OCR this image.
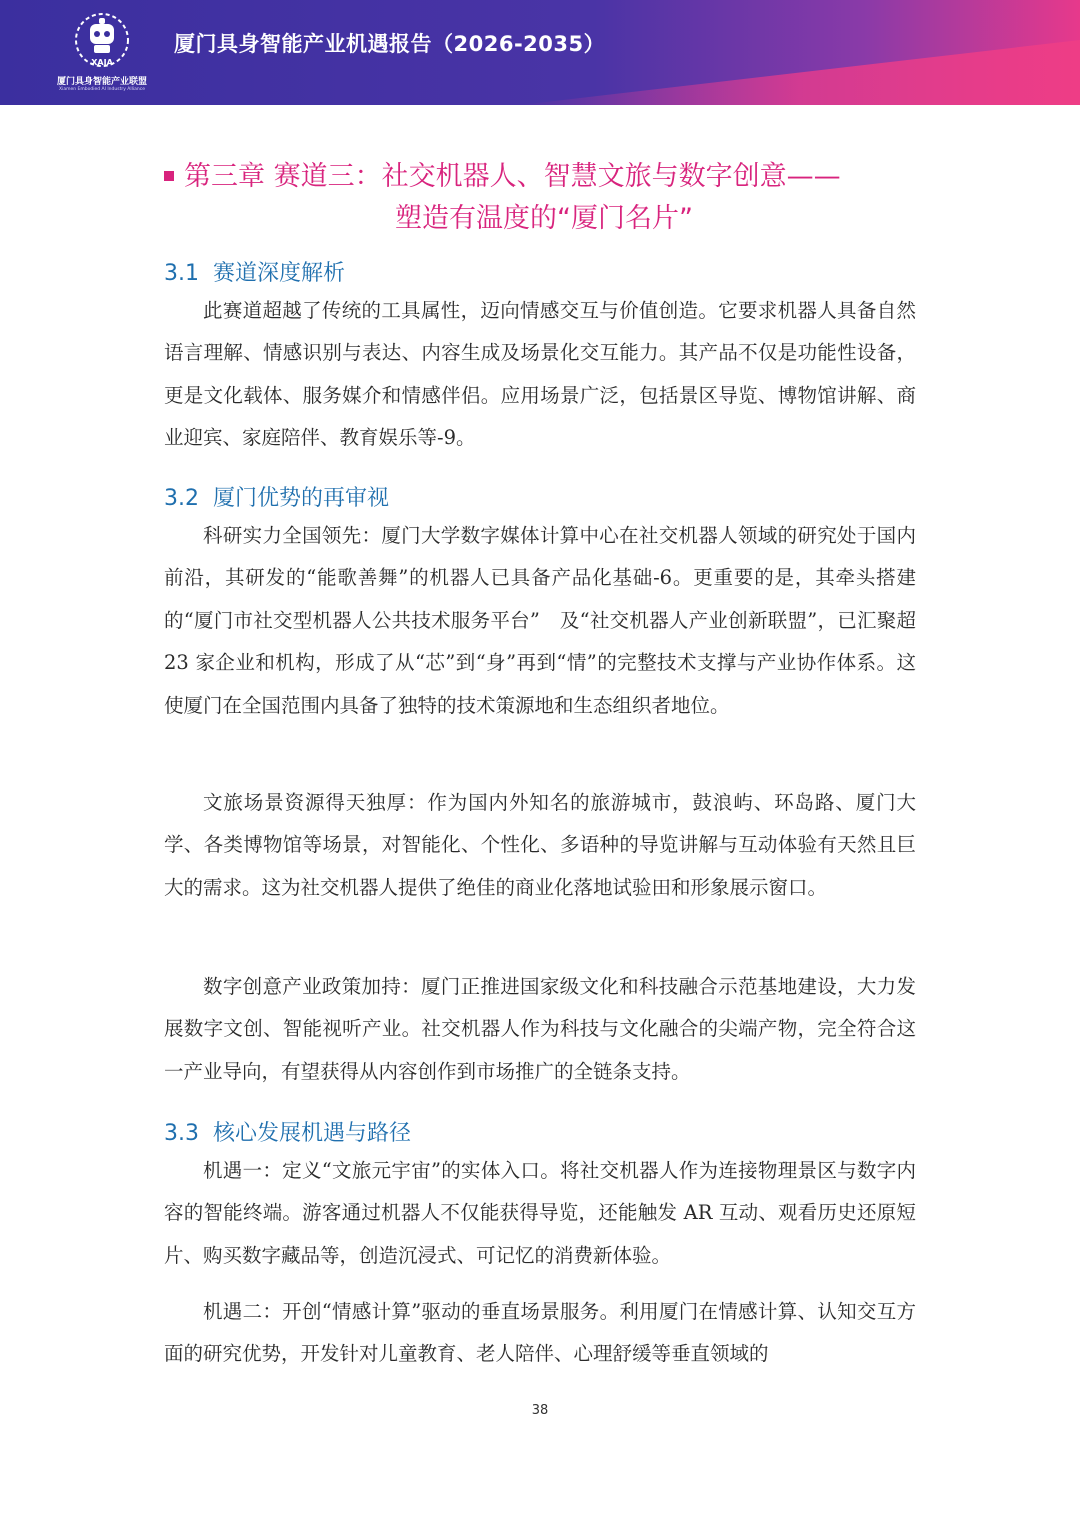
XAIA
厦门具身智能产业联盟
Xiamen Embodied AI Industry Alliance
厦门具身智能产业机遇报告（2026-2035）
第三章 赛道三：社交机器人、智慧文旅与数字创意——
塑造有温度的“厦门名片”
3.1 赛道深度解析

此赛道超越了传统的工具属性，迈向情感交互与价值创造。它要求机器人具备自然语言理解、情感识别与表达、内容生成及场景化交互能力。其产品不仅是功能性设备，更是文化载体、服务媒介和情感伴侣。应用场景广泛，包括景区导览、博物馆讲解、商业迎宾、家庭陪伴、教育娱乐等-9。

3.2 厦门优势的再审视

科研实力全国领先：厦门大学数字媒体计算中心在社交机器人领域的研究处于国内前沿，其研发的“能歌善舞”的机器人已具备产品化基础-6。更重要的是，其牵头搭建的“厦门市社交型机器人公共技术服务平台”　及“社交机器人产业创新联盟”，已汇聚超 23 家企业和机构，形成了从“芯”到“身”再到“情”的完整技术支撑与产业协作体系。这使厦门在全国范围内具备了独特的技术策源地和生态组织者地位。

文旅场景资源得天独厚：作为国内外知名的旅游城市，鼓浪屿、环岛路、厦门大学、各类博物馆等场景，对智能化、个性化、多语种的导览讲解与互动体验有天然且巨大的需求。这为社交机器人提供了绝佳的商业化落地试验田和形象展示窗口。

数字创意产业政策加持：厦门正推进国家级文化和科技融合示范基地建设，大力发展数字文创、智能视听产业。社交机器人作为科技与文化融合的尖端产物，完全符合这一产业导向，有望获得从内容创作到市场推广的全链条支持。

3.3 核心发展机遇与路径

机遇一：定义“文旅元宇宙”的实体入口。将社交机器人作为连接物理景区与数字内容的智能终端。游客通过机器人不仅能获得导览，还能触发 AR 互动、观看历史还原短片、购买数字藏品等，创造沉浸式、可记忆的消费新体验。

机遇二：开创“情感计算”驱动的垂直场景服务。利用厦门在情感计算、认知交互方面的研究优势，开发针对儿童教育、老人陪伴、心理舒缓等垂直领域的

38
